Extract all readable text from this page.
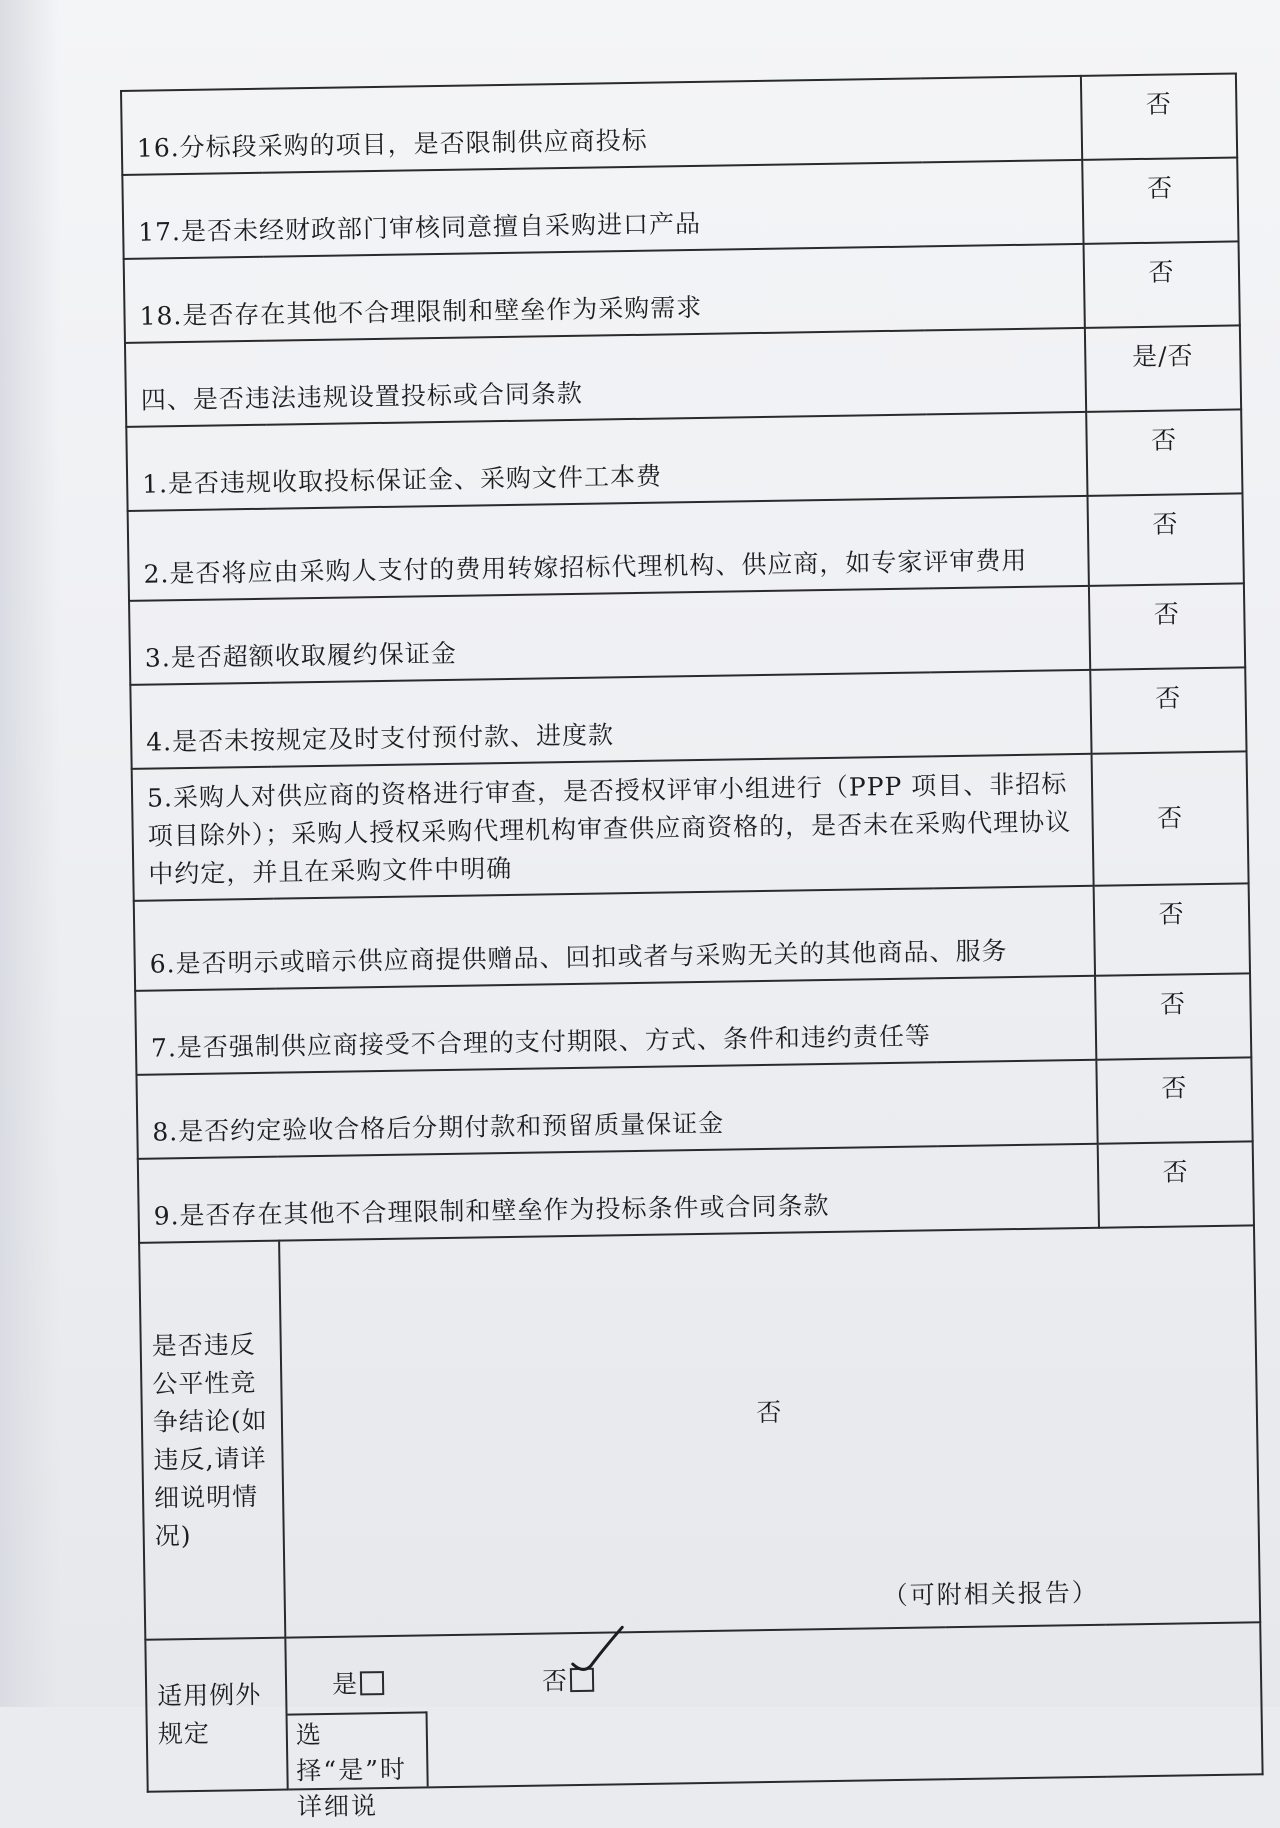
16.分标段采购的项目，是否限制供应商投标		否
17.是否未经财政部门审核同意擅自采购进口产品		否
18.是否存在其他不合理限制和壁垒作为采购需求		否
四、是否违法违规设置投标或合同条款		是/否
1.是否违规收取投标保证金、采购文件工本费		否
2.是否将应由采购人支付的费用转嫁招标代理机构、供应商，如专家评审费用		否
3.是否超额收取履约保证金		否
4.是否未按规定及时支付预付款、进度款		否
5.采购人对供应商的资格进行审查，是否授权评审小组进行（PPP 项目、非招标项目除外）；采购人授权采购代理机构审查供应商资格的，是否未在采购代理协议中约定，并且在采购文件中明确		否
6.是否明示或暗示供应商提供赠品、回扣或者与采购无关的其他商品、服务		否
7.是否强制供应商接受不合理的支付期限、方式、条件和违约责任等		否
8.是否约定验收合格后分期付款和预留质量保证金		否
9.是否存在其他不合理限制和壁垒作为投标条件或合同条款		否
是否违反公平性竞争结论(如违反,请详细说明情况)	否
（可附相关报告）	

适用例外规定	是 否
选择“是”时详细说	
